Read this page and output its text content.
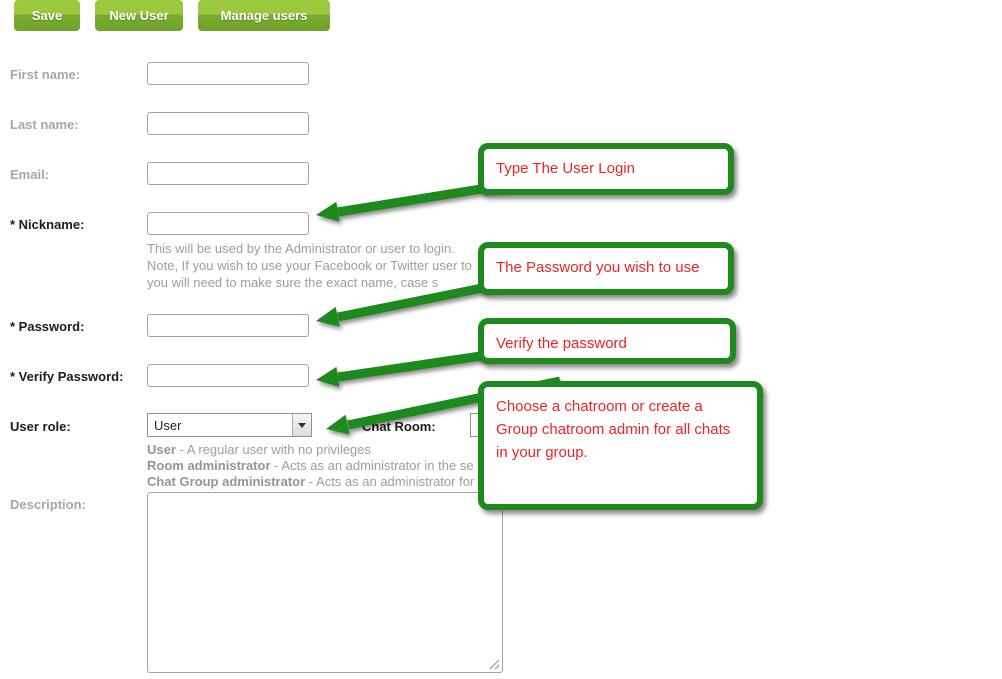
Save	New User	Manage users
First name:
Last name:
Email:
* Nickname:
This will be used by the Administrator or user to login.
Note, If you wish to use your Facebook or Twitter user to
you will need to make sure the exact name, case s
* Password:
* Verify Password:
User role:	User	Chat Room:
User - A regular user with no privileges
Room administrator - Acts as an administrator in the se
Chat Group administrator - Acts as an administrator for
Description:
Type The User Login
The Password you wish to use
Verify the password
Choose a chatroom or create a Group chatroom admin for all chats in your group.
